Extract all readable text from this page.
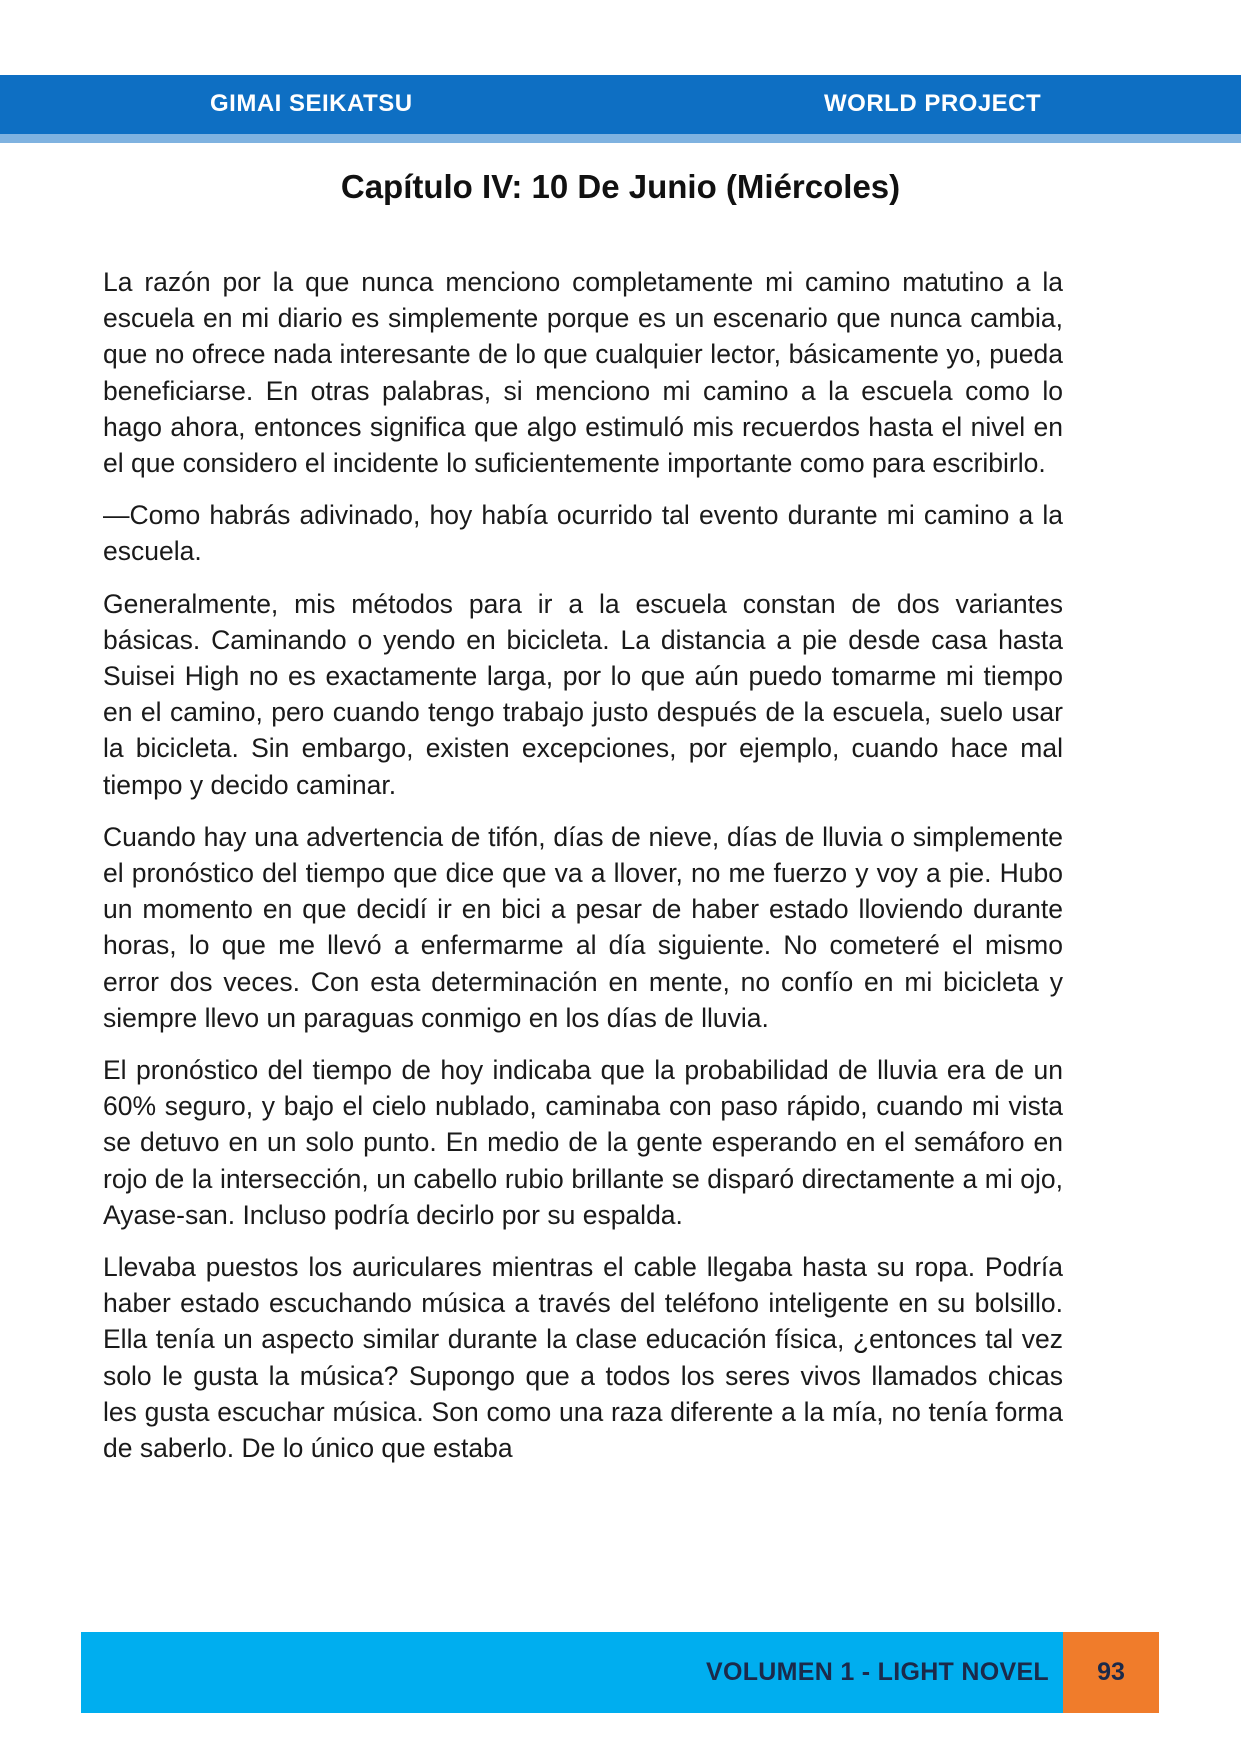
GIMAI SEIKATSU	WORLD PROJECT
Capítulo IV: 10 De Junio (Miércoles)

La razón por la que nunca menciono completamente mi camino matutino a la escuela en mi diario es simplemente porque es un escenario que nunca cambia, que no ofrece nada interesante de lo que cualquier lector, básicamente yo, pueda beneficiarse. En otras palabras, si menciono mi camino a la escuela como lo hago ahora, entonces significa que algo estimuló mis recuerdos hasta el nivel en el que considero el incidente lo suficientemente importante como para escribirlo.

—Como habrás adivinado, hoy había ocurrido tal evento durante mi camino a la escuela.

Generalmente, mis métodos para ir a la escuela constan de dos variantes básicas. Caminando o yendo en bicicleta. La distancia a pie desde casa hasta Suisei High no es exactamente larga, por lo que aún puedo tomarme mi tiempo en el camino, pero cuando tengo trabajo justo después de la escuela, suelo usar la bicicleta. Sin embargo, existen excepciones, por ejemplo, cuando hace mal tiempo y decido caminar.

Cuando hay una advertencia de tifón, días de nieve, días de lluvia o simplemente el pronóstico del tiempo que dice que va a llover, no me fuerzo y voy a pie. Hubo un momento en que decidí ir en bici a pesar de haber estado lloviendo durante horas, lo que me llevó a enfermarme al día siguiente. No cometeré el mismo error dos veces. Con esta determinación en mente, no confío en mi bicicleta y siempre llevo un paraguas conmigo en los días de lluvia.

El pronóstico del tiempo de hoy indicaba que la probabilidad de lluvia era de un 60% seguro, y bajo el cielo nublado, caminaba con paso rápido, cuando mi vista se detuvo en un solo punto. En medio de la gente esperando en el semáforo en rojo de la intersección, un cabello rubio brillante se disparó directamente a mi ojo, Ayase-san. Incluso podría decirlo por su espalda.

Llevaba puestos los auriculares mientras el cable llegaba hasta su ropa. Podría haber estado escuchando música a través del teléfono inteligente en su bolsillo. Ella tenía un aspecto similar durante la clase educación física, ¿entonces tal vez solo le gusta la música? Supongo que a todos los seres vivos llamados chicas les gusta escuchar música. Son como una raza diferente a la mía, no tenía forma de saberlo. De lo único que estaba

VOLUMEN 1 - LIGHT NOVEL	93
